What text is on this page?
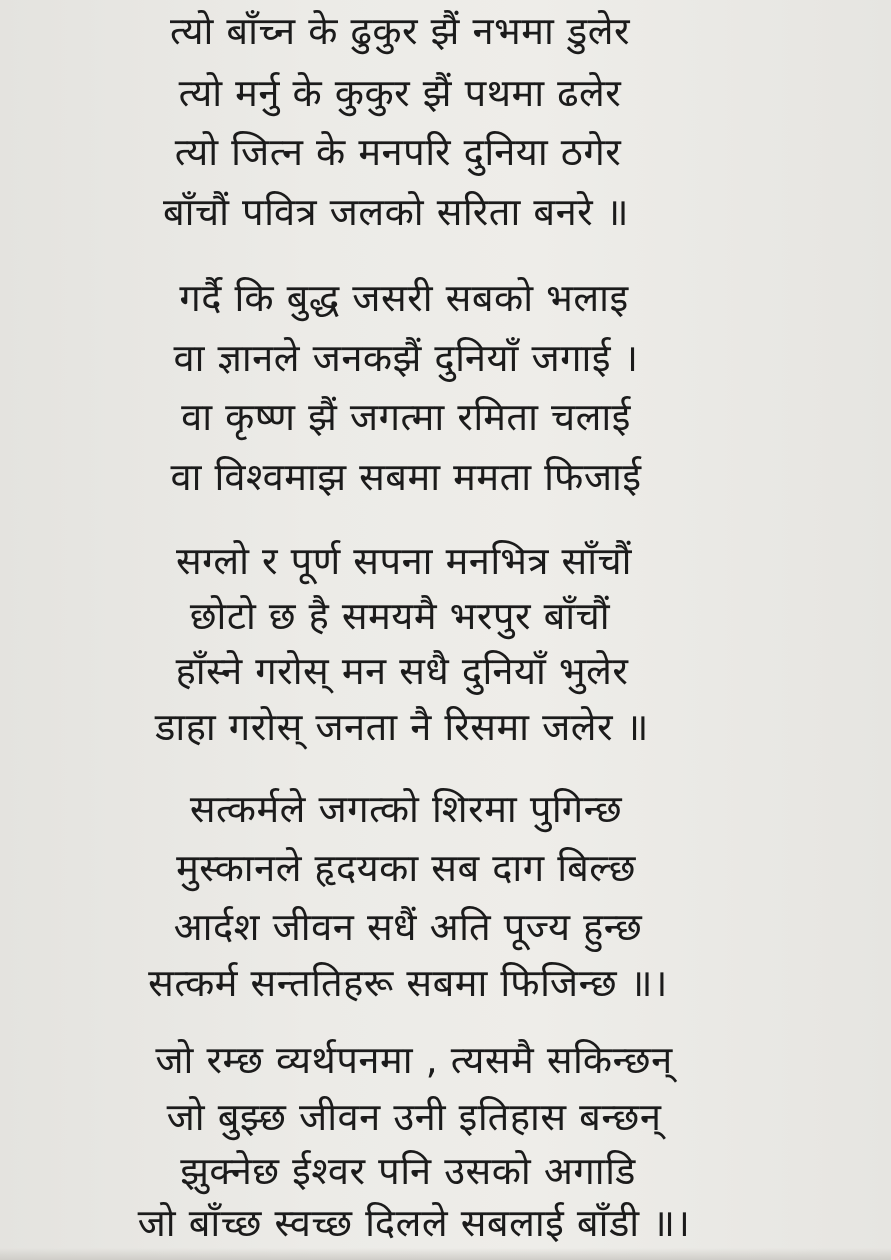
त्यो बाँच्न के ढुकुर झैं नभमा डुलेर
त्यो मर्नु के कुकुर झैं पथमा ढलेर
त्यो जित्न के मनपरि दुनिया ठगेर
बाँचौं पवित्र जलको सरिता बनरे ॥
गर्दै कि बुद्ध जसरी सबको भलाइ
वा ज्ञानले जनकझैं दुनियाँ जगाई ।
वा कृष्ण झैं जगत्मा रमिता चलाई
वा विश्वमाझ सबमा ममता फिजाई
सग्लो र पूर्ण सपना मनभित्र साँचौं
छोटो छ है समयमै भरपुर बाँचौं
हाँस्ने गरोस् मन सधै दुनियाँ भुलेर
डाहा गरोस् जनता नै रिसमा जलेर ॥
सत्कर्मले जगत्को शिरमा पुगिन्छ
मुस्कानले हृदयका सब दाग बिल्छ
आर्दश जीवन सधैं अति पूज्य हुन्छ
सत्कर्म सन्ततिहरू सबमा फिजिन्छ ॥।
जो रम्छ व्यर्थपनमा , त्यसमै सकिन्छन्
जो बुझ्छ जीवन उनी इतिहास बन्छन्
झुक्नेछ ईश्वर पनि उसको अगाडि
जो बाँच्छ स्वच्छ दिलले सबलाई बाँडी ॥।
